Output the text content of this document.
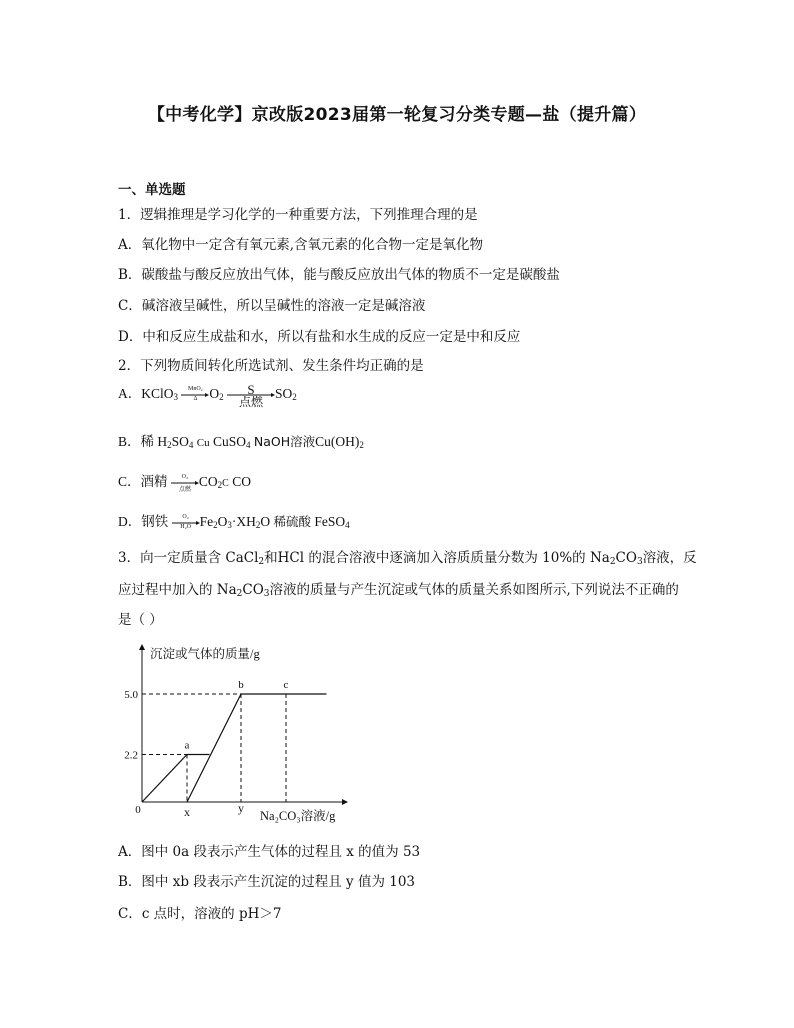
【中考化学】京改版2023届第一轮复习分类专题—盐（提升篇）
一、单选题
1．逻辑推理是学习化学的一种重要方法，下列推理合理的是
A．氧化物中一定含有氧元素,含氧元素的化合物一定是氧化物
B．碳酸盐与酸反应放出气体，能与酸反应放出气体的物质不一定是碳酸盐
C．碱溶液呈碱性，所以呈碱性的溶液一定是碱溶液
D．中和反应生成盐和水，所以有盐和水生成的反应一定是中和反应
2．下列物质间转化所选试剂、发生条件均正确的是
A．KClO$_3$
MnO₂
Δ $O_2$
S
点燃
$SO_2$
B．稀 $H_2SO_4$ Cu CuSO$_4$ NaOH溶液$Cu(OH)_2$
C．酒精	O₂
点燃
$CO_2C$ CO
D．钢铁	O₂
H₂O $Fe_2O_3\cdot XH_2O$ 稀硫酸 FeSO$_4$
3．向一定质量含 CaCl$_2$和HCl 的混合溶液中逐滴加入溶质质量分数为 10%的 $Na_2CO_3$溶液，反
应过程中加入的 $Na_2CO_3$溶液的质量与产生沉淀或气体的质量关系如图所示,下列说法不正确的
是（ ）
沉淀或气体的质量/g
Na₂CO₃溶液/g
5.0
2.2
0	x	y
a
b	c
A．图中 0a 段表示产生气体的过程且 x 的值为 53
B．图中 xb 段表示产生沉淀的过程且 y 值为 103
C．c 点时，溶液的 pH＞7
